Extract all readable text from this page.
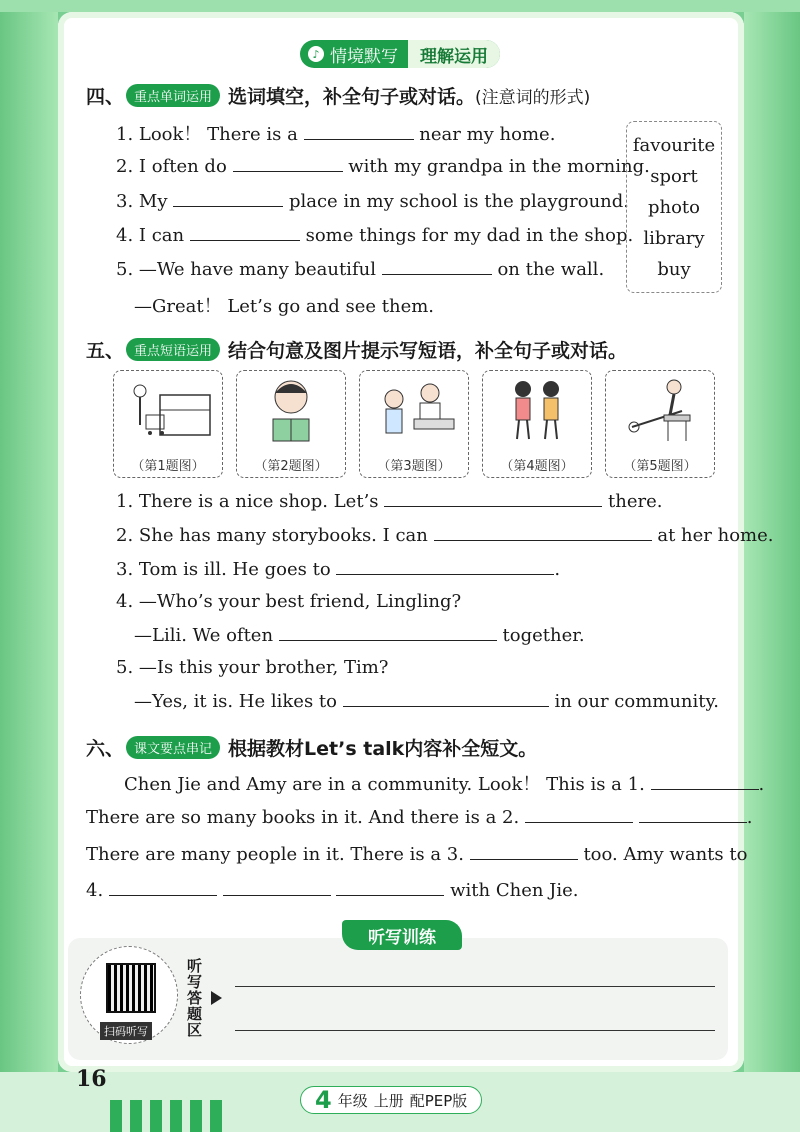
♪ 情境默写	理解运用
四、 重点单词运用 选词填空，补全句子或对话。 (注意词的形式)
1. Look！ There is a	near my home.
2. I often do	with my grandpa in the morning.
3. My	place in my school is the playground.
4. I can	some things for my dad in the shop.
5. —We have many beautiful	on the wall.
—Great！ Let’s go and see them.
favourite
sport
photo
library
buy
五、 重点短语运用 结合句意及图片提示写短语，补全句子或对话。
（第1题图）	（第2题图）	（第3题图）	（第4题图）	（第5题图）
1. There is a nice shop. Let’s	there.
2. She has many storybooks. I can	at her home.
3. Tom is ill. He goes to	.
4. —Who’s your best friend, Lingling?
—Lili. We often	together.
5. —Is this your brother, Tim?
—Yes, it is. He likes to	in our community.
六、 课文要点串记 根据教材Let’s talk内容补全短文。
Chen Jie and Amy are in a community. Look！ This is a 1.	.
There are so many books in it. And there is a 2.	.
There are many people in it. There is a 3.	too. Amy wants to
4.	with Chen Jie.
听写训练
扫码听写
听写答题区
16
4 年级 上册 配PEP版
